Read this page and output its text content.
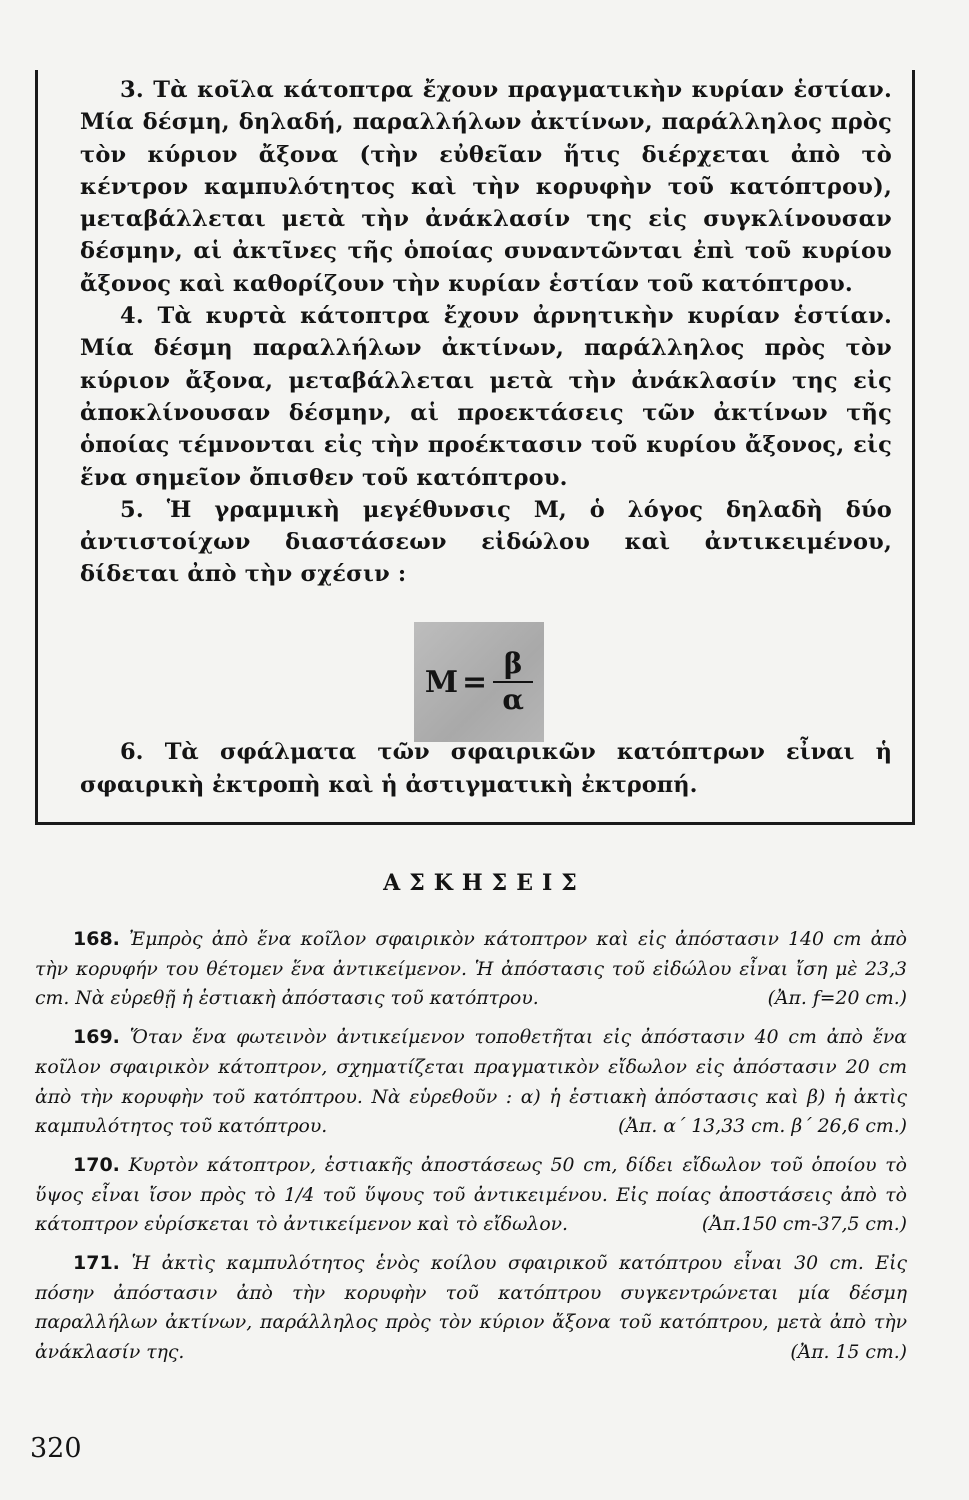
3. Τὰ κοῖλα κάτοπτρα ἔχουν πραγματικὴν κυρίαν ἑστίαν. Μία δέσμη, δηλαδή, παραλλήλων ἀκτίνων, παράλληλος πρὸς τὸν κύριον ἄξονα (τὴν εὐθεῖαν ἥτις διέρχεται ἀπὸ τὸ κέντρον καμπυλότητος καὶ τὴν κορυφὴν τοῦ κατόπτρου), μεταβάλλεται μετὰ τὴν ἀνάκλασίν της εἰς συγκλίνουσαν δέσμην, αἱ ἀκτῖνες τῆς ὁποίας συναντῶνται ἐπὶ τοῦ κυρίου ἄξονος καὶ καθορίζουν τὴν κυρίαν ἑστίαν τοῦ κατόπτρου.

4. Τὰ κυρτὰ κάτοπτρα ἔχουν ἀρνητικὴν κυρίαν ἑστίαν. Μία δέσμη παραλλήλων ἀκτίνων, παράλληλος πρὸς τὸν κύριον ἄξονα, μεταβάλλεται μετὰ τὴν ἀνάκλασίν της εἰς ἀποκλίνουσαν δέσμην, αἱ προεκτάσεις τῶν ἀκτίνων τῆς ὁποίας τέμνονται εἰς τὴν προέκτασιν τοῦ κυρίου ἄξονος, εἰς ἕνα σημεῖον ὄπισθεν τοῦ κατόπτρου.

5. Ἡ γραμμικὴ μεγέθυνσις Μ, ὁ λόγος δηλαδὴ δύο ἀντιστοίχων διαστάσεων εἰδώλου καὶ ἀντικειμένου, δίδεται ἀπὸ τὴν σχέσιν :

$M = \frac{\beta}{\alpha}$

6. Τὰ σφάλματα τῶν σφαιρικῶν κατόπτρων εἶναι ἡ σφαιρικὴ ἐκτροπὴ καὶ ἡ ἀστιγματικὴ ἐκτροπή.

ΑΣΚΗΣΕΙΣ

168. Ἐμπρὸς ἀπὸ ἕνα κοῖλον σφαιρικὸν κάτοπτρον καὶ εἰς ἀπόστασιν 140 cm ἀπὸ τὴν κορυφήν του θέτομεν ἕνα ἀντικείμενον. Ἡ ἀπόστασις τοῦ εἰδώλου εἶναι ἴση μὲ 23,3 cm. Νὰ εὑρεθῇ ἡ ἑστιακὴ ἀπόστασις τοῦ κατόπτρου.	(Ἀπ. f=20 cm.)

169. Ὅταν ἕνα φωτεινὸν ἀντικείμενον τοποθετῆται εἰς ἀπόστασιν 40 cm ἀπὸ ἕνα κοῖλον σφαιρικὸν κάτοπτρον, σχηματίζεται πραγματικὸν εἴδωλον εἰς ἀπόστασιν 20 cm ἀπὸ τὴν κορυφὴν τοῦ κατόπτρου. Νὰ εὑρεθοῦν : α) ἡ ἑστιακὴ ἀπόστασις καὶ β) ἡ ἀκτὶς καμπυλότητος τοῦ κατόπτρου.	(Ἀπ. α΄ 13,33 cm. β΄ 26,6 cm.)

170. Κυρτὸν κάτοπτρον, ἑστιακῆς ἀποστάσεως 50 cm, δίδει εἴδωλον τοῦ ὁποίου τὸ ὕψος εἶναι ἴσον πρὸς τὸ 1/4 τοῦ ὕψους τοῦ ἀντικειμένου. Εἰς ποίας ἀποστάσεις ἀπὸ τὸ κάτοπτρον εὑρίσκεται τὸ ἀντικείμενον καὶ τὸ εἴδωλον.	(Ἀπ.150 cm-37,5 cm.)

171. Ἡ ἀκτὶς καμπυλότητος ἑνὸς κοίλου σφαιρικοῦ κατόπτρου εἶναι 30 cm. Εἰς πόσην ἀπόστασιν ἀπὸ τὴν κορυφὴν τοῦ κατόπτρου συγκεντρώνεται μία δέσμη παραλλήλων ἀκτίνων, παράλληλος πρὸς τὸν κύριον ἄξονα τοῦ κατόπτρου, μετὰ ἀπὸ τὴν ἀνάκλασίν της.	(Ἀπ. 15 cm.)

320
